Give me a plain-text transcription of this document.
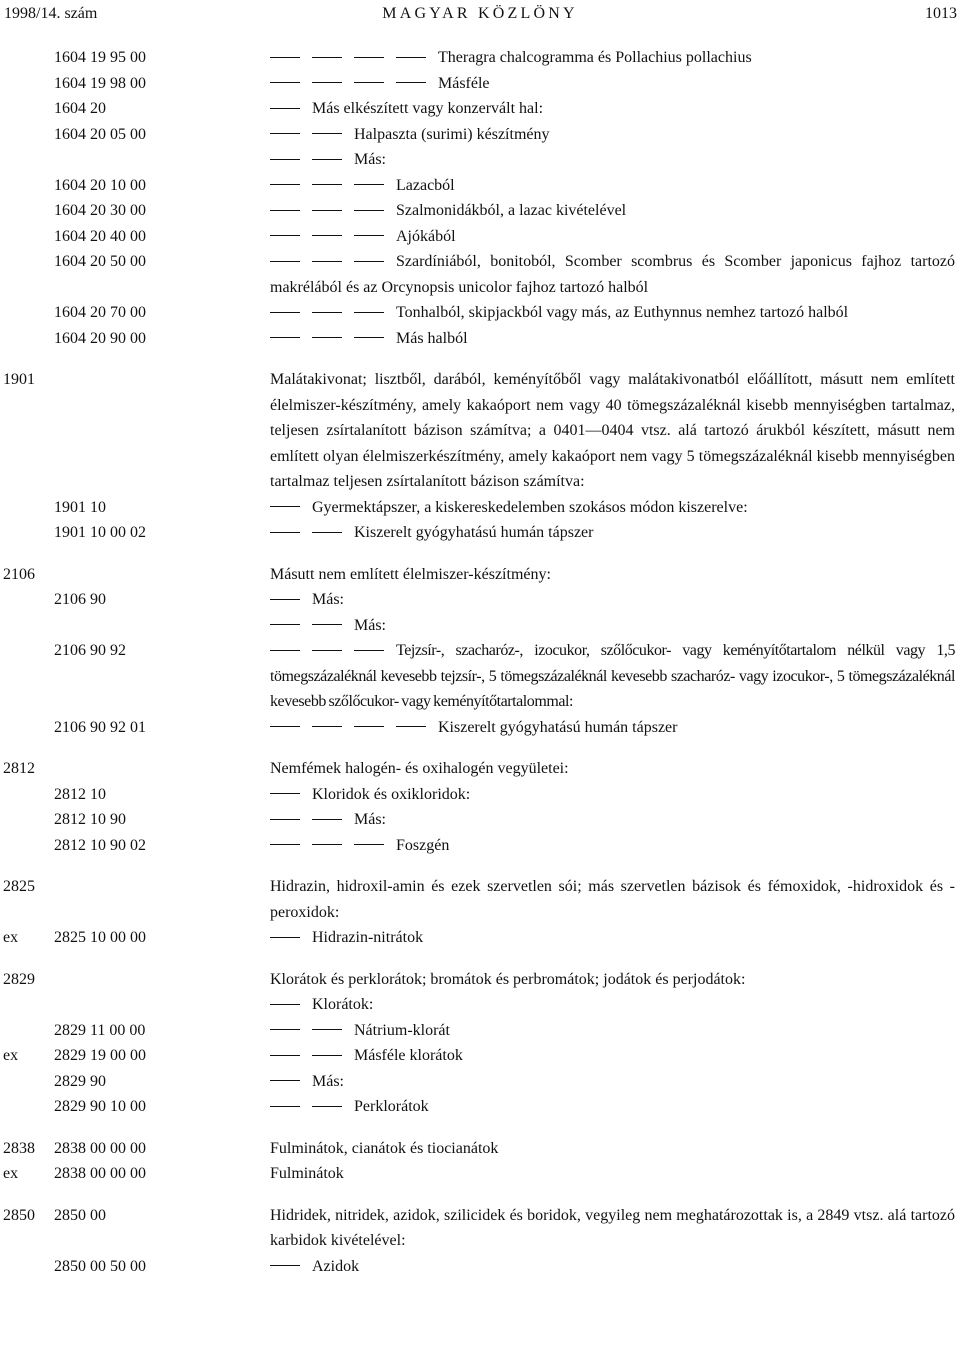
1998/14. szám	MAGYAR KÖZLÖNY	1013
1604 19 95 00	Theragra chalcogramma és Pollachius pollachius
1604 19 98 00	Másféle
1604 20	Más elkészített vagy konzervált hal:
1604 20 05 00	Halpaszta (surimi) készítmény
Más:
1604 20 10 00	Lazacból
1604 20 30 00	Szalmonidákból, a lazac kivételével
1604 20 40 00	Ajókából
1604 20 50 00	Szardíniából, bonitoból, Scomber scombrus és Scomber japonicus fajhoz tartozó makrélából és az Orcynopsis unicolor fajhoz tartozó halból
1604 20 70 00	Tonhalból, skipjackból vagy más, az Euthynnus nemhez tartozó halból
1604 20 90 00	Más halból
1901	Malátakivonat; lisztből, darából, keményítőből vagy malátakivonatból előállított, másutt nem említett élelmiszer-készítmény, amely kakaóport nem vagy 40 tömegszázaléknál kisebb mennyiségben tartalmaz, teljesen zsírtalanított bázison számítva; a 0401—0404 vtsz. alá tartozó árukból készített, másutt nem említett olyan élelmiszerkészítmény, amely kakaóport nem vagy 5 tömegszázaléknál kisebb mennyiségben tartalmaz teljesen zsírtalanított bázison számítva:
1901 10	Gyermektápszer, a kiskereskedelemben szokásos módon kiszerelve:
1901 10 00 02	Kiszerelt gyógyhatású humán tápszer
2106	Másutt nem említett élelmiszer-készítmény:
2106 90	Más:
Más:
2106 90 92	Tejzsír-, szacharóz-, izocukor, szőlőcukor- vagy keményítőtartalom nélkül vagy 1,5 tömegszázaléknál kevesebb tejzsír-, 5 tömegszázaléknál kevesebb szacharóz- vagy izocukor-, 5 tömegszázaléknál kevesebb szőlőcukor- vagy keményítőtartalommal:
2106 90 92 01	Kiszerelt gyógyhatású humán tápszer
2812	Nemfémek halogén- és oxihalogén vegyületei:
2812 10	Kloridok és oxikloridok:
2812 10 90	Más:
2812 10 90 02	Foszgén
2825	Hidrazin, hidroxil-amin és ezek szervetlen sói; más szervetlen bázisok és fémoxidok, -hidroxidok és -peroxidok:
ex	2825 10 00 00	Hidrazin-nitrátok
2829	Klorátok és perklorátok; bromátok és perbromátok; jodátok és perjodátok:
Klorátok:
2829 11 00 00	Nátrium-klorát
ex	2829 19 00 00	Másféle klorátok
2829 90	Más:
2829 90 10 00	Perklorátok
2838	2838 00 00 00	Fulminátok, cianátok és tiocianátok
ex	2838 00 00 00	Fulminátok
2850	2850 00	Hidridek, nitridek, azidok, szilicidek és boridok, vegyileg nem meghatározottak is, a 2849 vtsz. alá tartozó karbidok kivételével:
2850 00 50 00	Azidok
